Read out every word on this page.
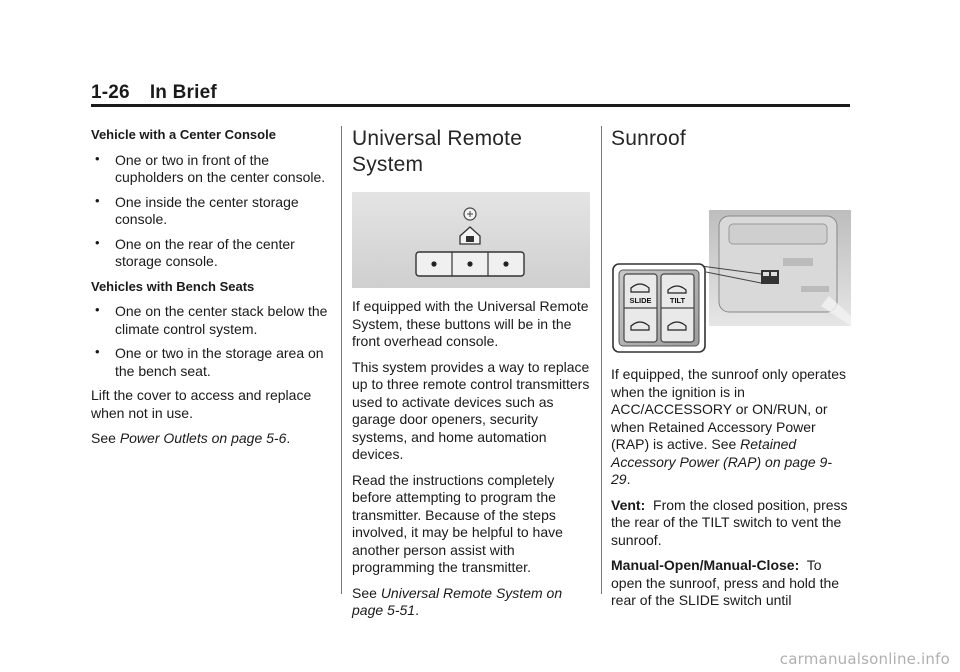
1-26 In Brief
Vehicle with a Center Console
• One or two in front of the cupholders on the center console.
• One inside the center storage console.
• One on the rear of the center storage console.
Vehicles with Bench Seats
• One on the center stack below the climate control system.
• One or two in the storage area on the bench seat.

Lift the cover to access and replace when not in use.

See Power Outlets on page 5-6.

Universal Remote System

If equipped with the Universal Remote System, these buttons will be in the front overhead console.

This system provides a way to replace up to three remote control transmitters used to activate devices such as garage door openers, security systems, and home automation devices.

Read the instructions completely before attempting to program the transmitter. Because of the steps involved, it may be helpful to have another person assist with programming the transmitter.

See Universal Remote System on page 5-51.

Sunroof
SLIDE TILT

If equipped, the sunroof only operates when the ignition is in ACC/ACCESSORY or ON/RUN, or when Retained Accessory Power (RAP) is active. See Retained Accessory Power (RAP) on page 9-29.

Vent: From the closed position, press the rear of the TILT switch to vent the sunroof.

Manual-Open/Manual-Close: To open the sunroof, press and hold the rear of the SLIDE switch until

carmanualsonline.info
